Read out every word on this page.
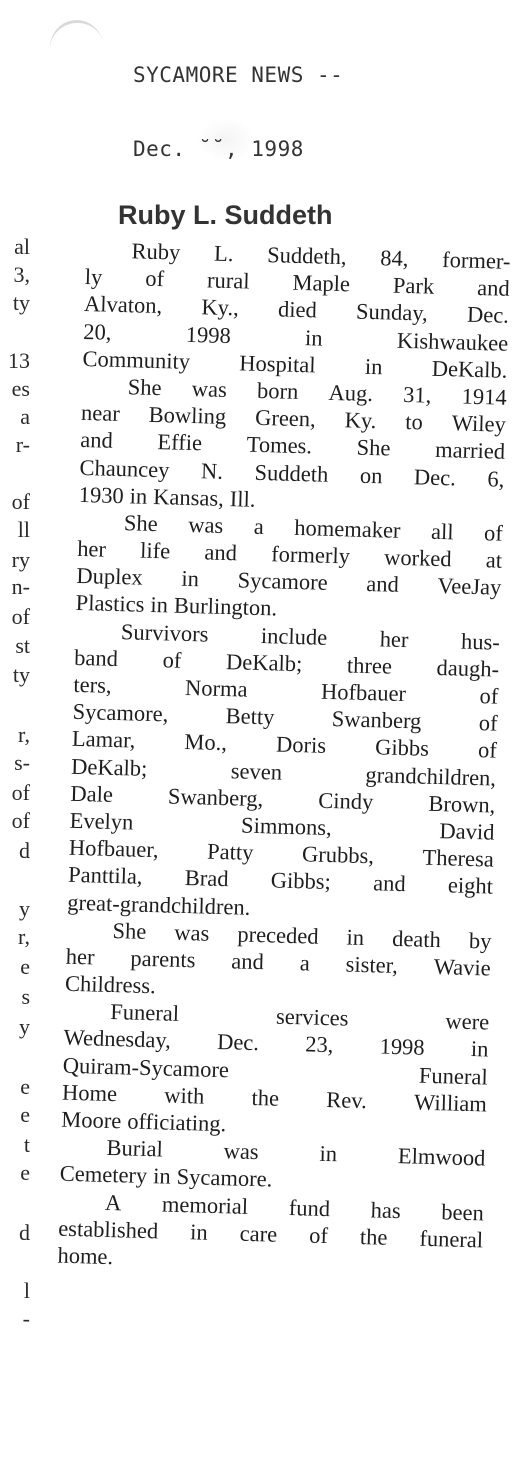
SYCAMORE NEWS --
Dec. ˘˘, 1998
al
3,
ty
13
es
a
r-
of
ll
ry
n-
of
st
ty
r,
s-
of
of
d
y
r,
e
s
y
e
e
t
e
d
l
-
Ruby L. Suddeth
Ruby L. Suddeth, 84, former-
ly of rural Maple Park and
Alvaton, Ky., died Sunday, Dec.
20,	1998	in	Kishwaukee
Community Hospital in DeKalb.
She was born Aug. 31, 1914
near Bowling Green, Ky. to Wiley
and Effie Tomes. She married
Chauncey N. Suddeth on Dec. 6,
1930 in Kansas, Ill.
She was a homemaker all of
her life and formerly worked at
Duplex in Sycamore and VeeJay
Plastics in Burlington.
Survivors include her hus-
band of DeKalb; three daugh-
ters,	Norma	Hofbauer	of
Sycamore,	Betty	Swanberg	of
Lamar, Mo., Doris Gibbs of
DeKalb;	seven	grandchildren,
Dale Swanberg, Cindy Brown,
Evelyn	Simmons,	David
Hofbauer, Patty Grubbs, Theresa
Panttila, Brad Gibbs; and eight
great-grandchildren.
She was preceded in death by
her parents and a sister, Wavie
Childress.
Funeral	services	were
Wednesday, Dec. 23, 1998 in
Quiram-Sycamore	Funeral
Home with the Rev. William
Moore officiating.
Burial	was	in	Elmwood
Cemetery in Sycamore.
A memorial fund has been
established in care of the funeral
home.
